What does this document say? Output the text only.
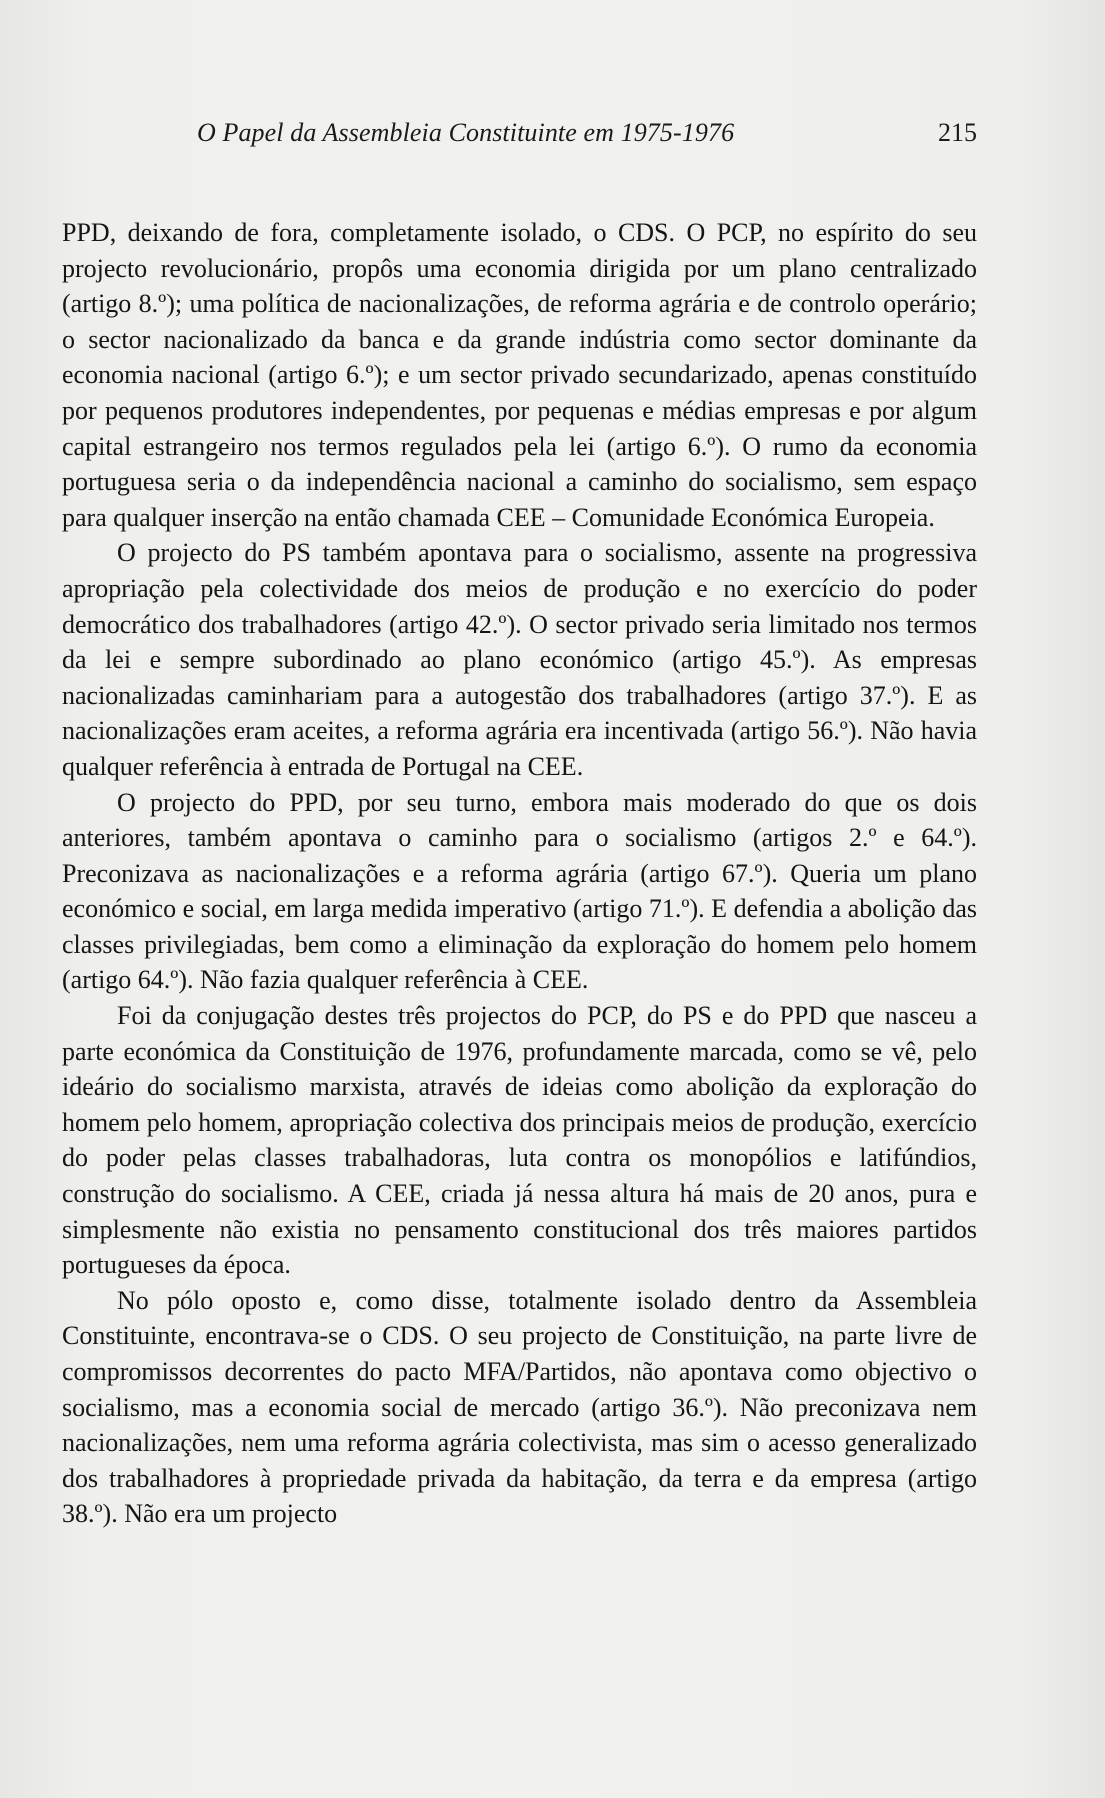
O Papel da Assembleia Constituinte em 1975-1976	215

PPD, deixando de fora, completamente isolado, o CDS. O PCP, no espírito do seu projecto revolucionário, propôs uma economia dirigida por um plano centralizado (artigo 8.º); uma política de nacionalizações, de reforma agrária e de controlo operário; o sector nacionalizado da banca e da grande indústria como sector dominante da economia nacional (artigo 6.º); e um sector privado secundarizado, apenas constituído por pequenos produtores independentes, por pequenas e médias empresas e por algum capital estrangeiro nos termos regulados pela lei (artigo 6.º). O rumo da economia portuguesa seria o da independência nacional a caminho do socialismo, sem espaço para qualquer inserção na então chamada CEE – Comunidade Económica Europeia.

O projecto do PS também apontava para o socialismo, assente na progressiva apropriação pela colectividade dos meios de produção e no exercício do poder democrático dos trabalhadores (artigo 42.º). O sector privado seria limitado nos termos da lei e sempre subordinado ao plano económico (artigo 45.º). As empresas nacionalizadas caminhariam para a autogestão dos trabalhadores (artigo 37.º). E as nacionalizações eram aceites, a reforma agrária era incentivada (artigo 56.º). Não havia qualquer referência à entrada de Portugal na CEE.

O projecto do PPD, por seu turno, embora mais moderado do que os dois anteriores, também apontava o caminho para o socialismo (artigos 2.º e 64.º). Preconizava as nacionalizações e a reforma agrária (artigo 67.º). Queria um plano económico e social, em larga medida imperativo (artigo 71.º). E defendia a abolição das classes privilegiadas, bem como a eliminação da exploração do homem pelo homem (artigo 64.º). Não fazia qualquer referência à CEE.

Foi da conjugação destes três projectos do PCP, do PS e do PPD que nasceu a parte económica da Constituição de 1976, profundamente marcada, como se vê, pelo ideário do socialismo marxista, através de ideias como abolição da exploração do homem pelo homem, apropriação colectiva dos principais meios de produção, exercício do poder pelas classes trabalhadoras, luta contra os monopólios e latifúndios, construção do socialismo. A CEE, criada já nessa altura há mais de 20 anos, pura e simplesmente não existia no pensamento constitucional dos três maiores partidos portugueses da época.

No pólo oposto e, como disse, totalmente isolado dentro da Assembleia Constituinte, encontrava-se o CDS. O seu projecto de Constituição, na parte livre de compromissos decorrentes do pacto MFA/Partidos, não apontava como objectivo o socialismo, mas a economia social de mercado (artigo 36.º). Não preconizava nem nacionalizações, nem uma reforma agrária colectivista, mas sim o acesso generalizado dos trabalhadores à propriedade privada da habitação, da terra e da empresa (artigo 38.º). Não era um projecto
